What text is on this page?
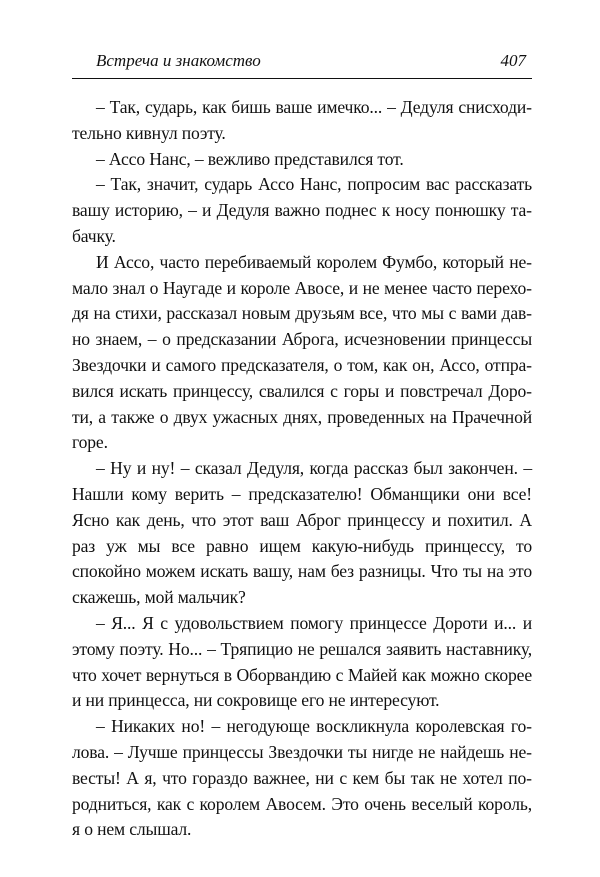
Встреча и знакомство	407

– Так, сударь, как бишь ваше имечко... – Дедуля снисходительно кивнул поэту.

– Ассо Нанс, – вежливо представился тот.

– Так, значит, сударь Ассо Нанс, попросим вас рассказать вашу историю, – и Дедуля важно поднес к носу понюшку табачку.

И Ассо, часто перебиваемый королем Фумбо, который немало знал о Наугаде и короле Авосе, и не менее часто переходя на стихи, рассказал новым друзьям все, что мы с вами давно знаем, – о предсказании Аброга, исчезновении принцессы Звездочки и самого предсказателя, о том, как он, Ассо, отправился искать принцессу, свалился с горы и повстречал Дороти, а также о двух ужасных днях, проведенных на Прачечной горе.

– Ну и ну! – сказал Дедуля, когда рассказ был закончен. – Нашли кому верить – предсказателю! Обманщики они все! Ясно как день, что этот ваш Аброг принцессу и похитил. А раз уж мы все равно ищем какую-нибудь принцессу, то спокойно можем искать вашу, нам без разницы. Что ты на это скажешь, мой мальчик?

– Я... Я с удовольствием помогу принцессе Дороти и... и этому поэту. Но... – Тряпицио не решался заявить наставнику, что хочет вернуться в Оборвандию с Майей как можно скорее и ни принцесса, ни сокровище его не интересуют.

– Никаких но! – негодующе воскликнула королевская голова. – Лучше принцессы Звездочки ты нигде не найдешь невесты! А я, что гораздо важнее, ни с кем бы так не хотел породниться, как с королем Авосем. Это очень веселый король, я о нем слышал.
